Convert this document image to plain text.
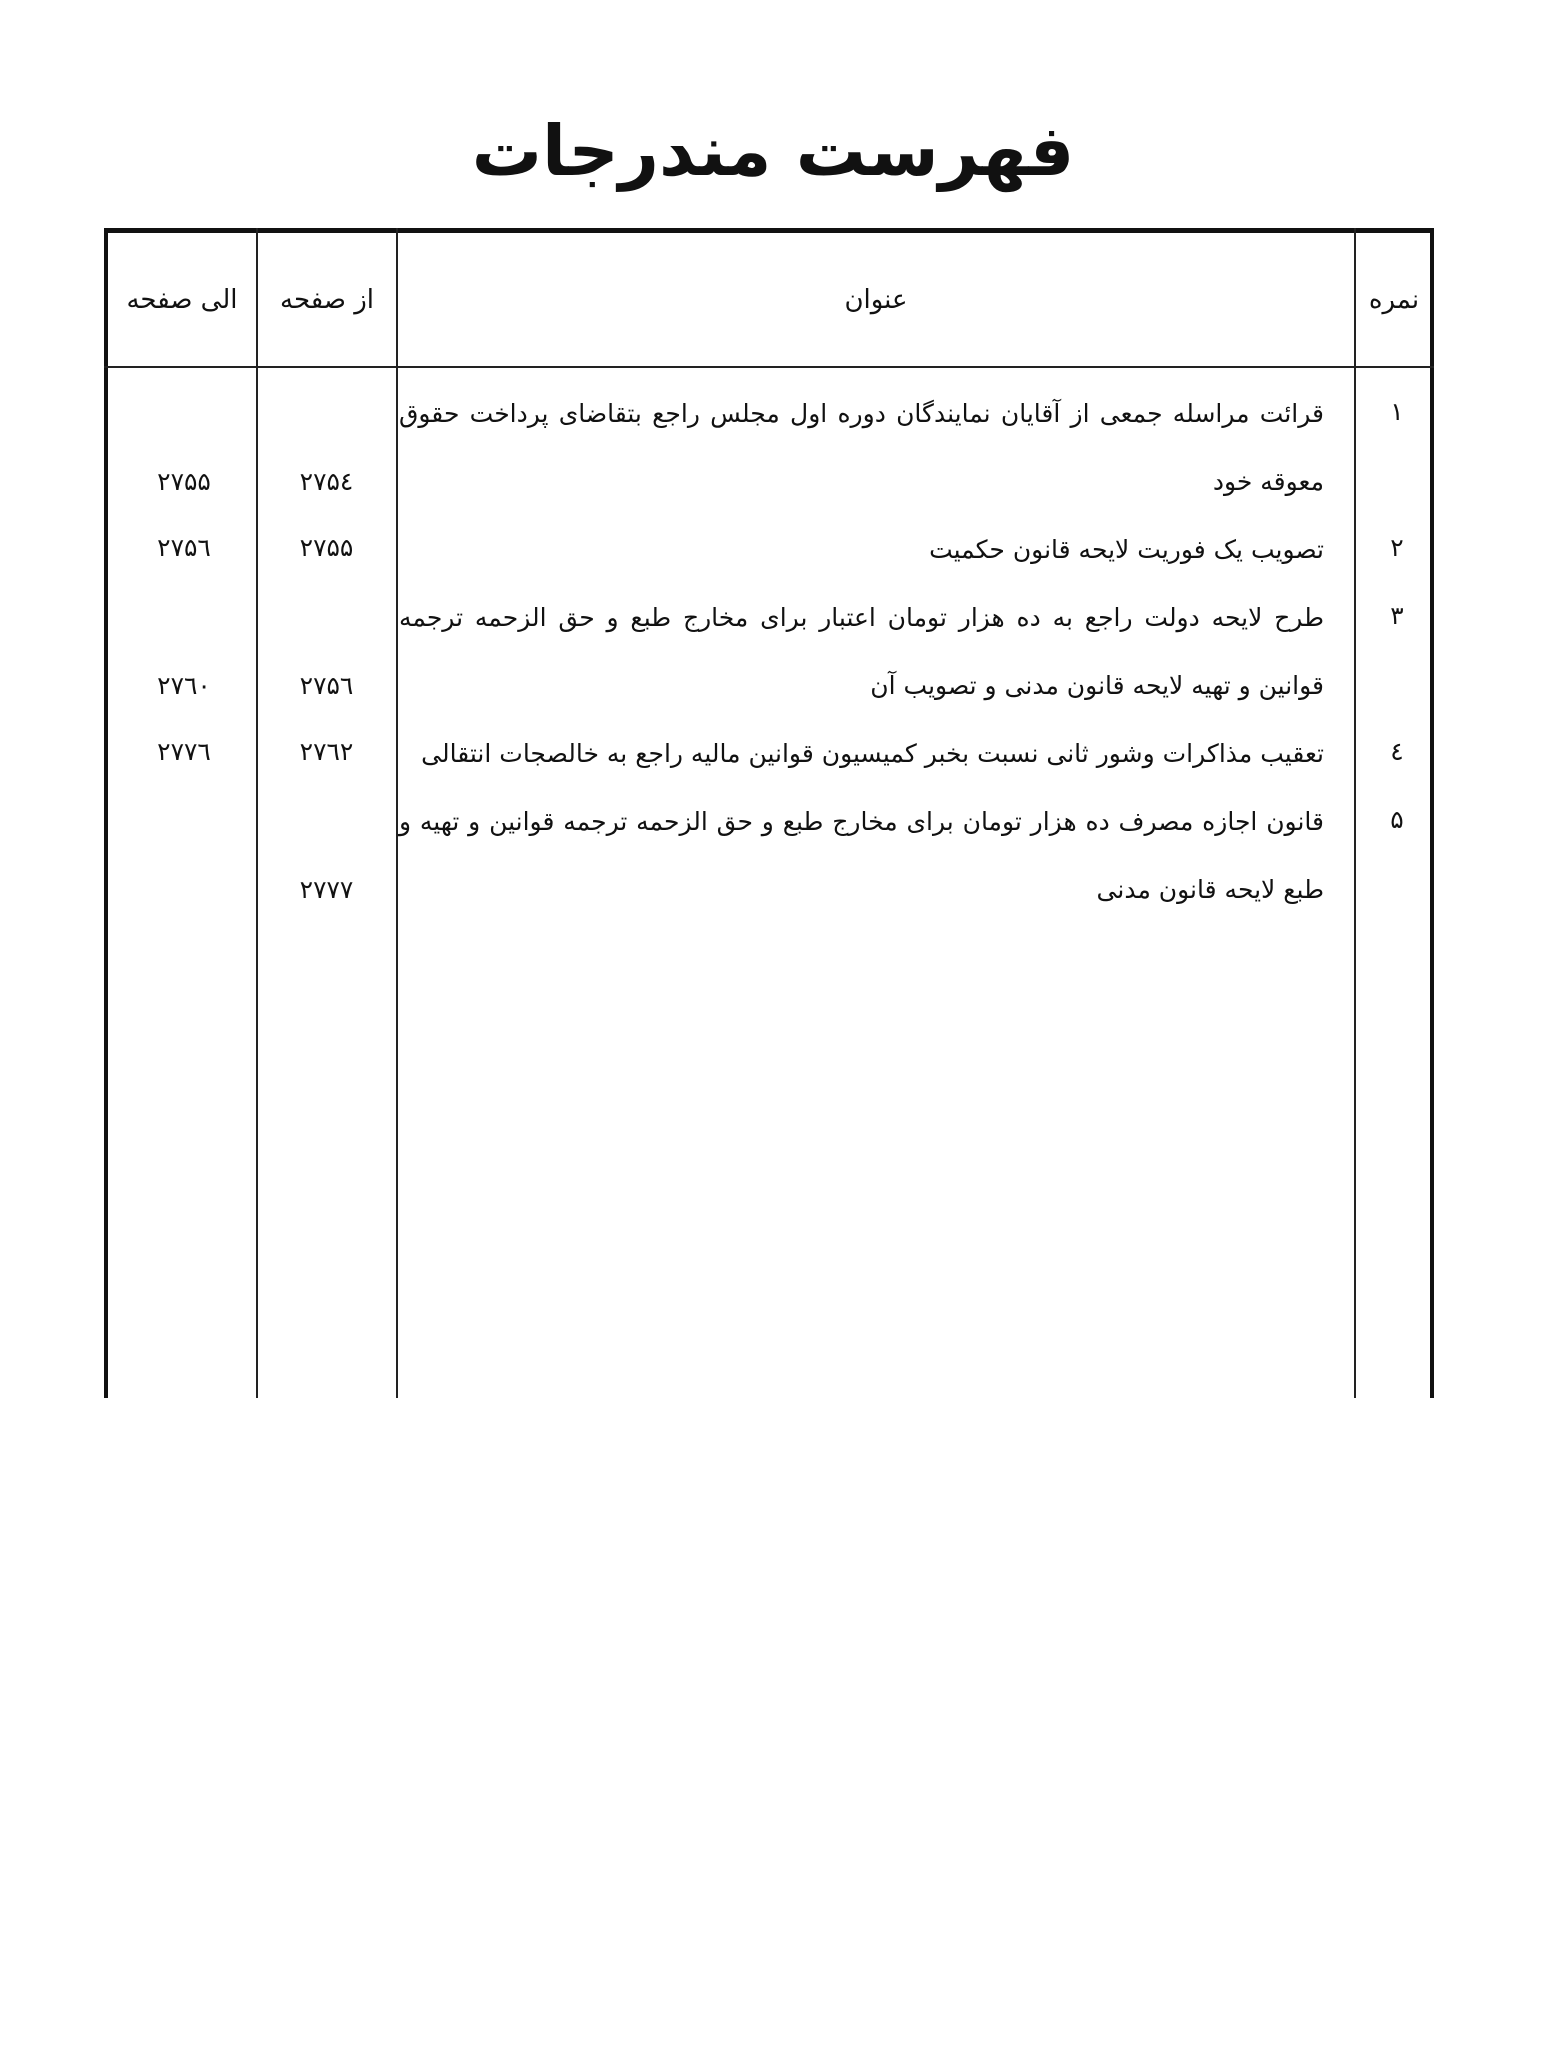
فهرست مندرجات
نمره
عنوان
از صفحه
الی صفحه
۱
قرائت مراسله جمعی از آقایان نمایندگان دوره اول مجلس راجع بتقاضای پرداخت حقوق معوقه خود
۲۷۵٤
۲۷۵۵
۲
تصویب یک فوریت لایحه قانون حکمیت
۲۷۵۵
۲۷۵٦
۳
طرح لایحه دولت راجع به ده هزار تومان اعتبار برای مخارج طبع و حق الزحمه ترجمه قوانین و تهیه لایحه قانون مدنی و تصویب آن
۲۷۵٦
۲۷٦۰
٤
تعقیب مذاکرات وشور ثانی نسبت بخبر کمیسیون قوانین مالیه راجع به خالصجات انتقالی
۲۷٦۲
۲۷۷٦
۵
قانون اجازه مصرف ده هزار تومان برای مخارج طبع و حق الزحمه ترجمه قوانین و تهیه و طبع لایحه قانون مدنی
۲۷۷۷
